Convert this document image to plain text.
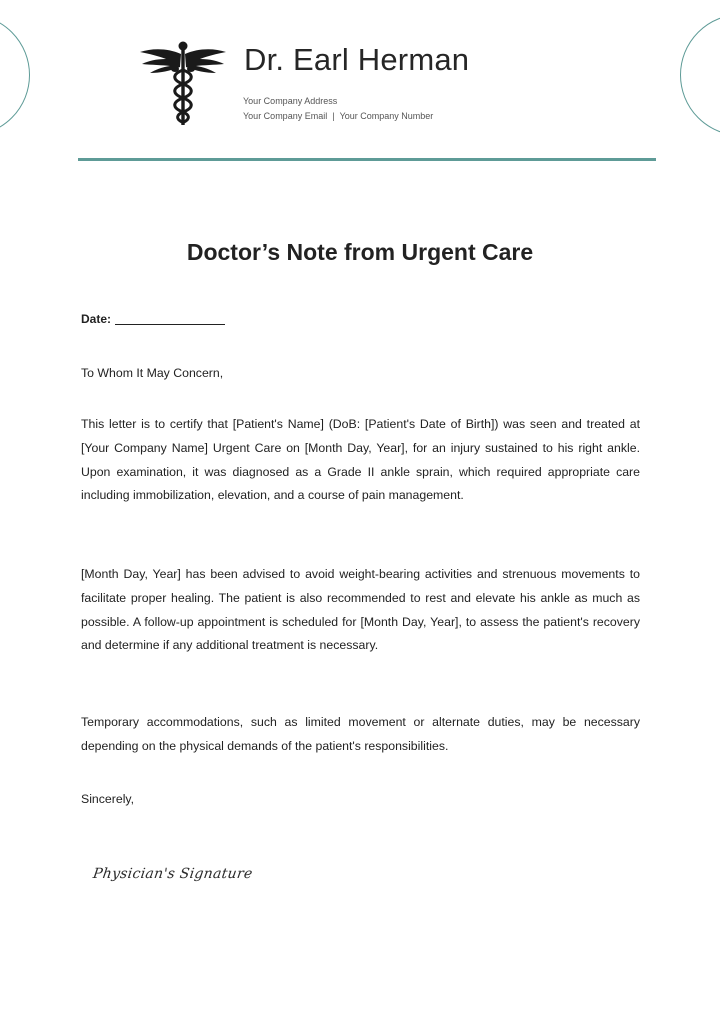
Dr. Earl Herman
Your Company Address
Your Company Email | Your Company Number
Doctor’s Note from Urgent Care
Date:
To Whom It May Concern,
This letter is to certify that [Patient's Name] (DoB: [Patient's Date of Birth]) was seen and treated at [Your Company Name] Urgent Care on [Month Day, Year], for an injury sustained to his right ankle. Upon examination, it was diagnosed as a Grade II ankle sprain, which required appropriate care including immobilization, elevation, and a course of pain management.
[Month Day, Year] has been advised to avoid weight-bearing activities and strenuous movements to facilitate proper healing. The patient is also recommended to rest and elevate his ankle as much as possible. A follow-up appointment is scheduled for [Month Day, Year], to assess the patient's recovery and determine if any additional treatment is necessary.
Temporary accommodations, such as limited movement or alternate duties, may be necessary depending on the physical demands of the patient's responsibilities.
Sincerely,
Physician's Signature
